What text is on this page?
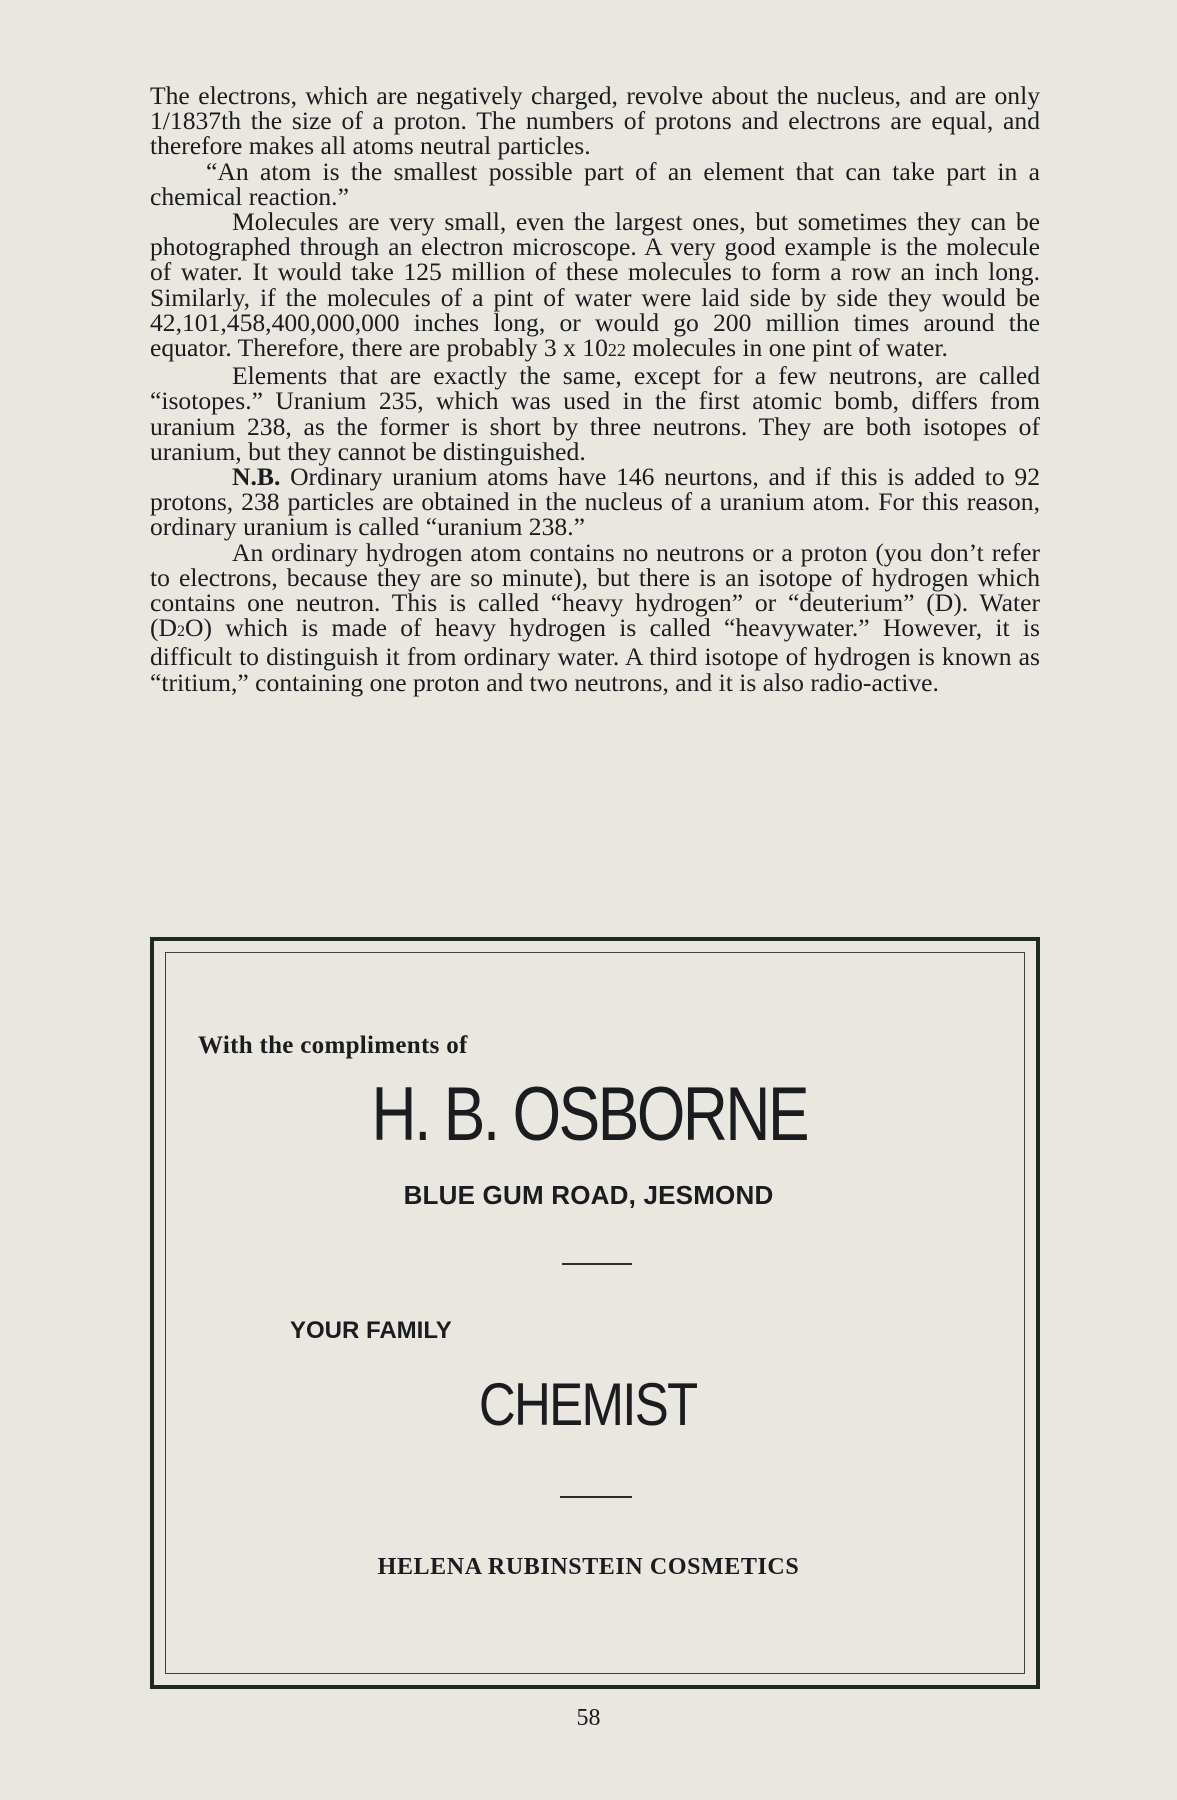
The electrons, which are negatively charged, revolve about the nucleus, and are only 1/1837th the size of a proton. The numbers of protons and electrons are equal, and therefore makes all atoms neutral particles.

“An atom is the smallest possible part of an element that can take part in a chemical reaction.”

Molecules are very small, even the largest ones, but sometimes they can be photographed through an electron microscope. A very good example is the molecule of water. It would take 125 million of these molecules to form a row an inch long. Similarly, if the molecules of a pint of water were laid side by side they would be 42,101,458,400,000,000 inches long, or would go 200 million times around the equator. Therefore, there are probably 3 x 1022 molecules in one pint of water.

Elements that are exactly the same, except for a few neutrons, are called “isotopes.” Uranium 235, which was used in the first atomic bomb, differs from uranium 238, as the former is short by three neutrons. They are both isotopes of uranium, but they cannot be distinguished.

N.B. Ordinary uranium atoms have 146 neurtons, and if this is added to 92 protons, 238 particles are obtained in the nucleus of a uranium atom. For this reason, ordinary uranium is called “uranium 238.”

An ordinary hydrogen atom contains no neutrons or a proton (you don’t refer to electrons, because they are so minute), but there is an isotope of hydrogen which contains one neutron. This is called “heavy hydrogen” or “deuterium” (D). Water (D2O) which is made of heavy hydrogen is called “heavywater.” However, it is difficult to distinguish it from ordinary water. A third isotope of hydrogen is known as “tritium,” containing one proton and two neutrons, and it is also radio-active.

With the compliments of
H. B. OSBORNE
BLUE GUM ROAD, JESMOND
YOUR FAMILY
CHEMIST
HELENA RUBINSTEIN COSMETICS
58
